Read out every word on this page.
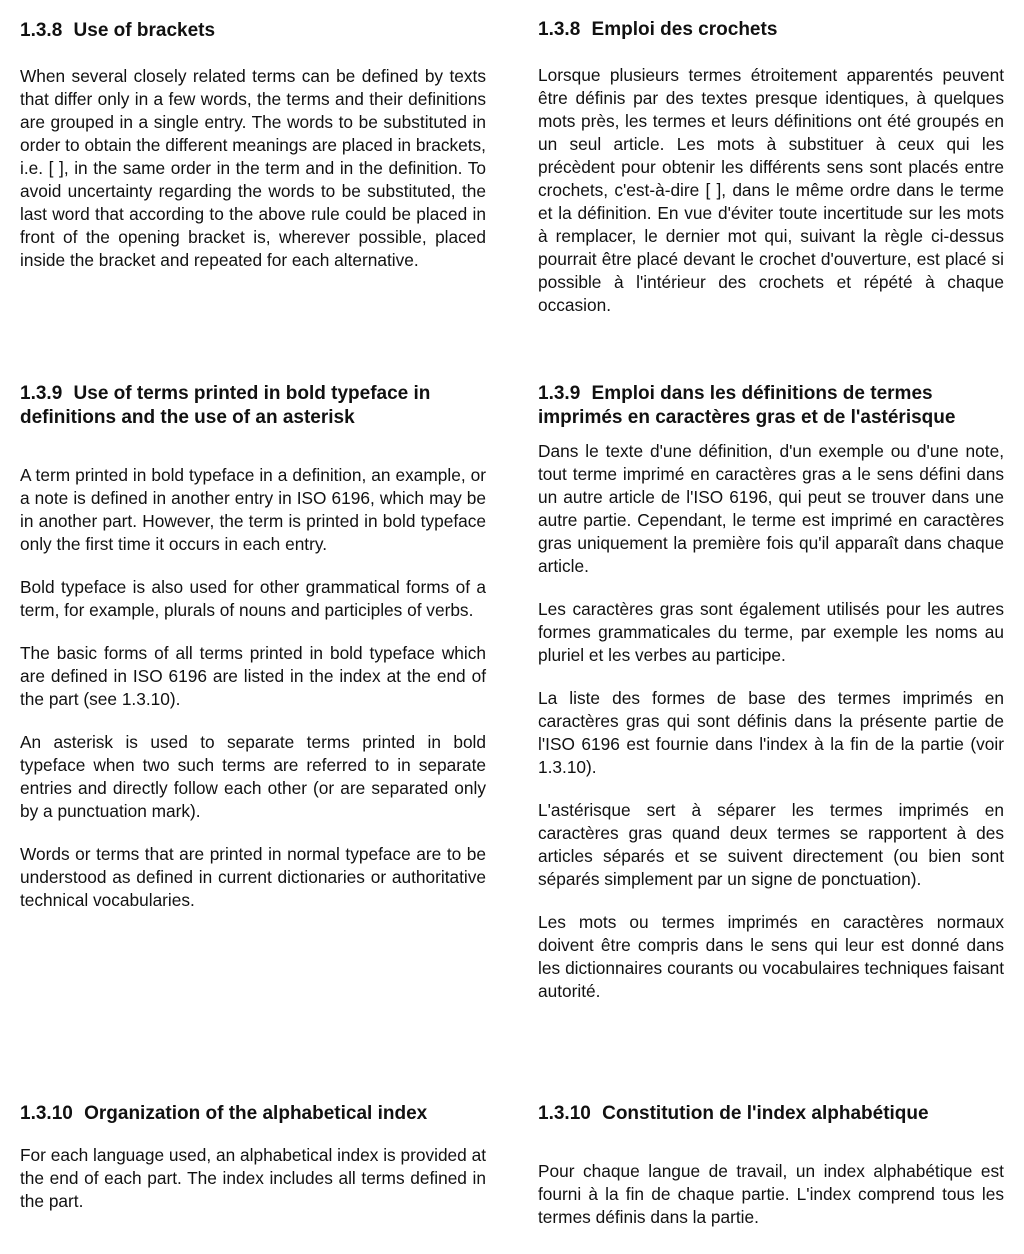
1.3.8 Use of brackets

When several closely related terms can be defined by texts that differ only in a few words, the terms and their definitions are grouped in a single entry. The words to be substituted in order to obtain the different meanings are placed in brackets, i.e. [ ], in the same order in the term and in the definition. To avoid uncertainty regarding the words to be substituted, the last word that according to the above rule could be placed in front of the opening bracket is, wherever possible, placed inside the bracket and repeated for each alternative.

1.3.9 Use of terms printed in bold typeface in definitions and the use of an asterisk

A term printed in bold typeface in a definition, an example, or a note is defined in another entry in ISO 6196, which may be in another part. However, the term is printed in bold typeface only the first time it occurs in each entry.

Bold typeface is also used for other grammatical forms of a term, for example, plurals of nouns and participles of verbs.

The basic forms of all terms printed in bold typeface which are defined in ISO 6196 are listed in the index at the end of the part (see 1.3.10).

An asterisk is used to separate terms printed in bold typeface when two such terms are referred to in separate entries and directly follow each other (or are separated only by a punctuation mark).

Words or terms that are printed in normal typeface are to be understood as defined in current dictionaries or authoritative technical vocabularies.

1.3.10 Organization of the alphabetical index

For each language used, an alphabetical index is provided at the end of each part. The index includes all terms defined in the part.

1.3.8 Emploi des crochets

Lorsque plusieurs termes étroitement apparentés peuvent être définis par des textes presque identiques, à quelques mots près, les termes et leurs définitions ont été groupés en un seul article. Les mots à substituer à ceux qui les précèdent pour obtenir les différents sens sont placés entre crochets, c'est-à-dire [ ], dans le même ordre dans le terme et la définition. En vue d'éviter toute incertitude sur les mots à remplacer, le dernier mot qui, suivant la règle ci-dessus pourrait être placé devant le crochet d'ouverture, est placé si possible à l'intérieur des crochets et répété à chaque occasion.

1.3.9 Emploi dans les définitions de termes imprimés en caractères gras et de l'astérisque

Dans le texte d'une définition, d'un exemple ou d'une note, tout terme imprimé en caractères gras a le sens défini dans un autre article de l'ISO 6196, qui peut se trouver dans une autre partie. Cependant, le terme est imprimé en caractères gras uniquement la première fois qu'il apparaît dans chaque article.

Les caractères gras sont également utilisés pour les autres formes grammaticales du terme, par exemple les noms au pluriel et les verbes au participe.

La liste des formes de base des termes imprimés en caractères gras qui sont définis dans la présente partie de l'ISO 6196 est fournie dans l'index à la fin de la partie (voir 1.3.10).

L'astérisque sert à séparer les termes imprimés en caractères gras quand deux termes se rapportent à des articles séparés et se suivent directement (ou bien sont séparés simplement par un signe de ponctuation).

Les mots ou termes imprimés en caractères normaux doivent être compris dans le sens qui leur est donné dans les dictionnaires courants ou vocabulaires techniques faisant autorité.

1.3.10 Constitution de l'index alphabétique

Pour chaque langue de travail, un index alphabétique est fourni à la fin de chaque partie. L'index comprend tous les termes définis dans la partie.
